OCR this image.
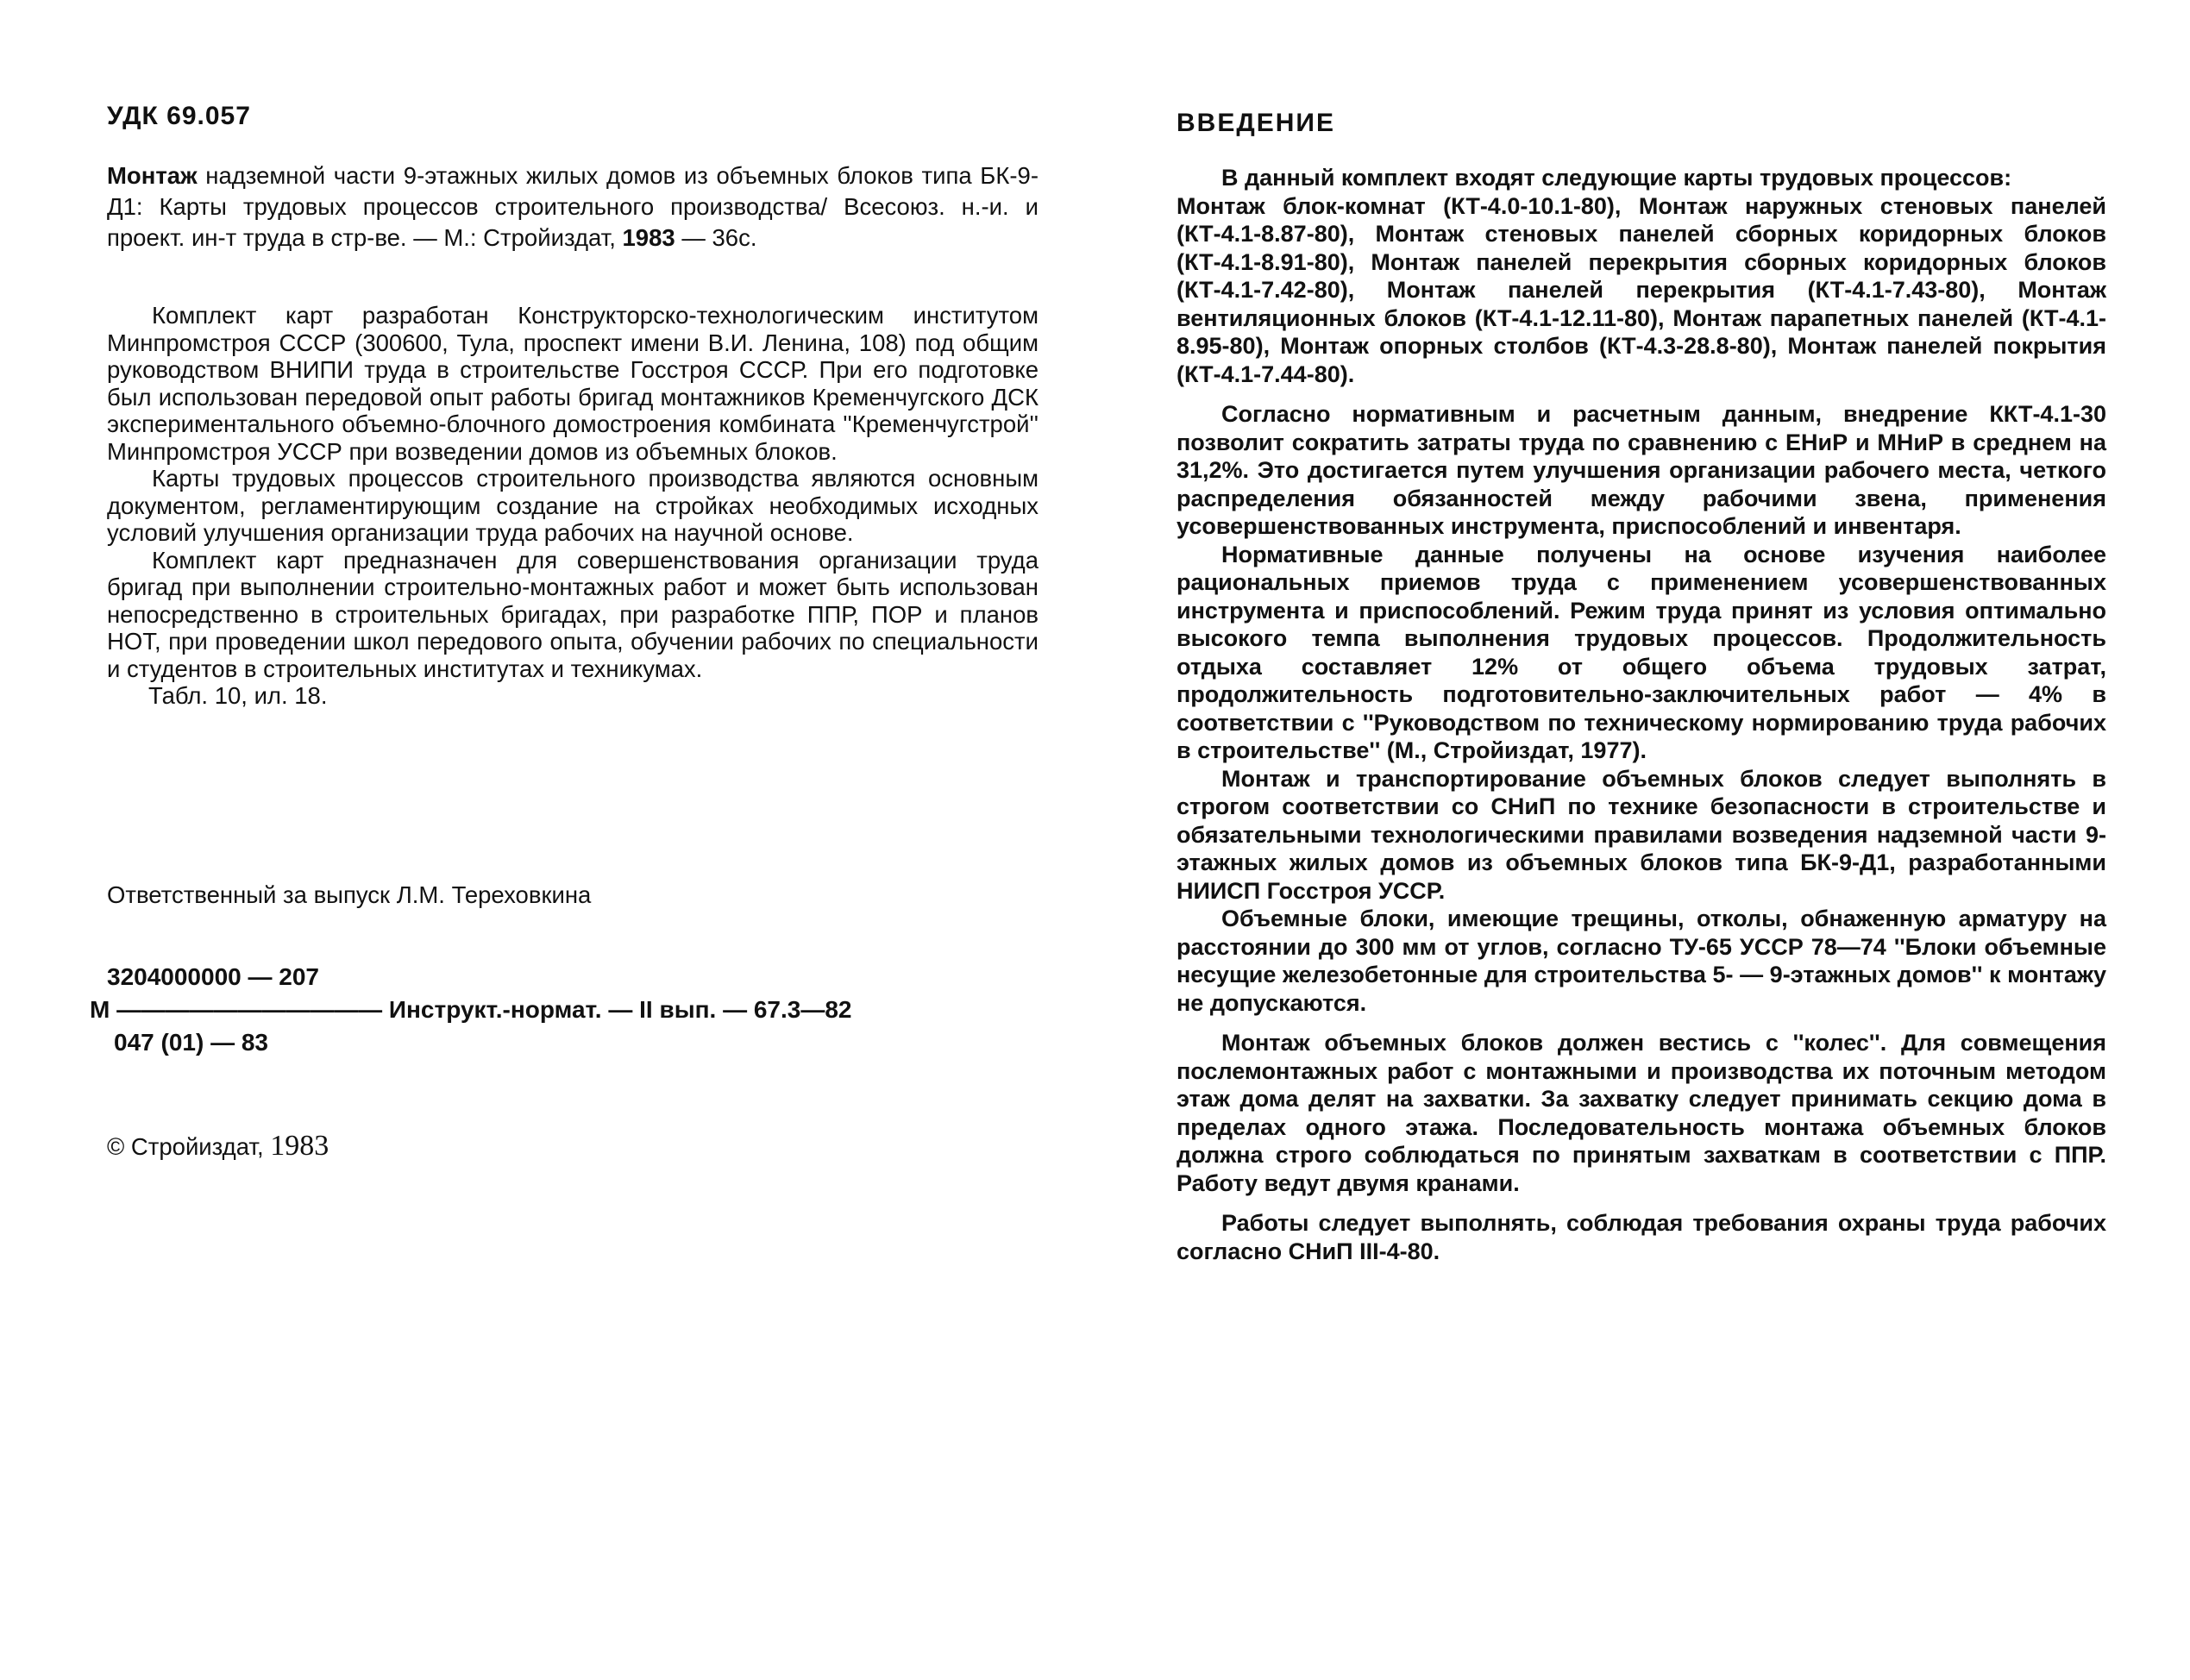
УДК 69.057

Монтаж надземной части 9-этажных жилых домов из объемных блоков типа БК-9-Д1: Карты трудовых процессов строительного производства/ Всесоюз. н.-и. и проект. ин-т труда в стр-ве. — М.: Стройиздат, 1983 — 36с.

Комплект карт разработан Конструкторско-технологическим институтом Минпромстроя СССР (300600, Тула, проспект имени В.И. Ленина, 108) под общим руководством ВНИПИ труда в строительстве Госстроя СССР. При его подготовке был использован передовой опыт работы бригад монтажников Кременчугского ДСК экспериментального объемно-блочного домостроения комбината ''Кременчугстрой'' Минпромстроя УССР при возведении домов из объемных блоков.

Карты трудовых процессов строительного производства являются основным документом, регламентирующим создание на стройках необходимых исходных условий улучшения организации труда рабочих на научной основе.

Комплект карт предназначен для совершенствования организации труда бригад при выполнении строительно-монтажных работ и может быть использован непосредственно в строительных бригадах, при разработке ППР, ПОР и планов НОТ, при проведении школ передового опыта, обучении рабочих по специальности и студентов в строительных институтах и техникумах.

Табл. 10, ил. 18.

Ответственный за выпуск Л.М. Тереховкина
3204000000 — 207
М ——————————— Инструкт.-нормат. — II вып. — 67.3—82
047 (01) — 83
© Стройиздат, 1983
ВВЕДЕНИЕ

В данный комплект входят следующие карты трудовых процессов:

Монтаж блок-комнат (КТ-4.0-10.1-80), Монтаж наружных стеновых панелей (КТ-4.1-8.87-80), Монтаж стеновых панелей сборных коридорных блоков (КТ-4.1-8.91-80), Монтаж панелей перекрытия сборных коридорных блоков (КТ-4.1-7.42-80), Монтаж панелей перекрытия (КТ-4.1-7.43-80), Монтаж вентиляционных блоков (КТ-4.1-12.11-80), Монтаж парапетных панелей (КТ-4.1-8.95-80), Монтаж опорных столбов (КТ-4.3-28.8-80), Монтаж панелей покрытия (КТ-4.1-7.44-80).

Согласно нормативным и расчетным данным, внедрение ККТ-4.1-30 позволит сократить затраты труда по сравнению с ЕНиР и МНиР в среднем на 31,2%. Это достигается путем улучшения организации рабочего места, четкого распределения обязанностей между рабочими звена, применения усовершенствованных инструмента, приспособлений и инвентаря.

Нормативные данные получены на основе изучения наиболее рациональных приемов труда с применением усовершенствованных инструмента и приспособлений. Режим труда принят из условия оптимально высокого темпа выполнения трудовых процессов. Продолжительность отдыха составляет 12% от общего объема трудовых затрат, продолжительность подготовительно-заключительных работ — 4% в соответствии с ''Руководством по техническому нормированию труда рабочих в строительстве'' (М., Стройиздат, 1977).

Монтаж и транспортирование объемных блоков следует выполнять в строгом соответствии со СНиП по технике безопасности в строительстве и обязательными технологическими правилами возведения надземной части 9-этажных жилых домов из объемных блоков типа БК-9-Д1, разработанными НИИСП Госстроя УССР.

Объемные блоки, имеющие трещины, отколы, обнаженную арматуру на расстоянии до 300 мм от углов, согласно ТУ-65 УССР 78—74 ''Блоки объемные несущие железобетонные для строительства 5- — 9-этажных домов'' к монтажу не допускаются.

Монтаж объемных блоков должен вестись с ''колес''. Для совмещения послемонтажных работ с монтажными и производства их поточным методом этаж дома делят на захватки. За захватку следует принимать секцию дома в пределах одного этажа. Последовательность монтажа объемных блоков должна строго соблюдаться по принятым захваткам в соответствии с ППР. Работу ведут двумя кранами.

Работы следует выполнять, соблюдая требования охраны труда рабочих согласно СНиП III-4-80.
